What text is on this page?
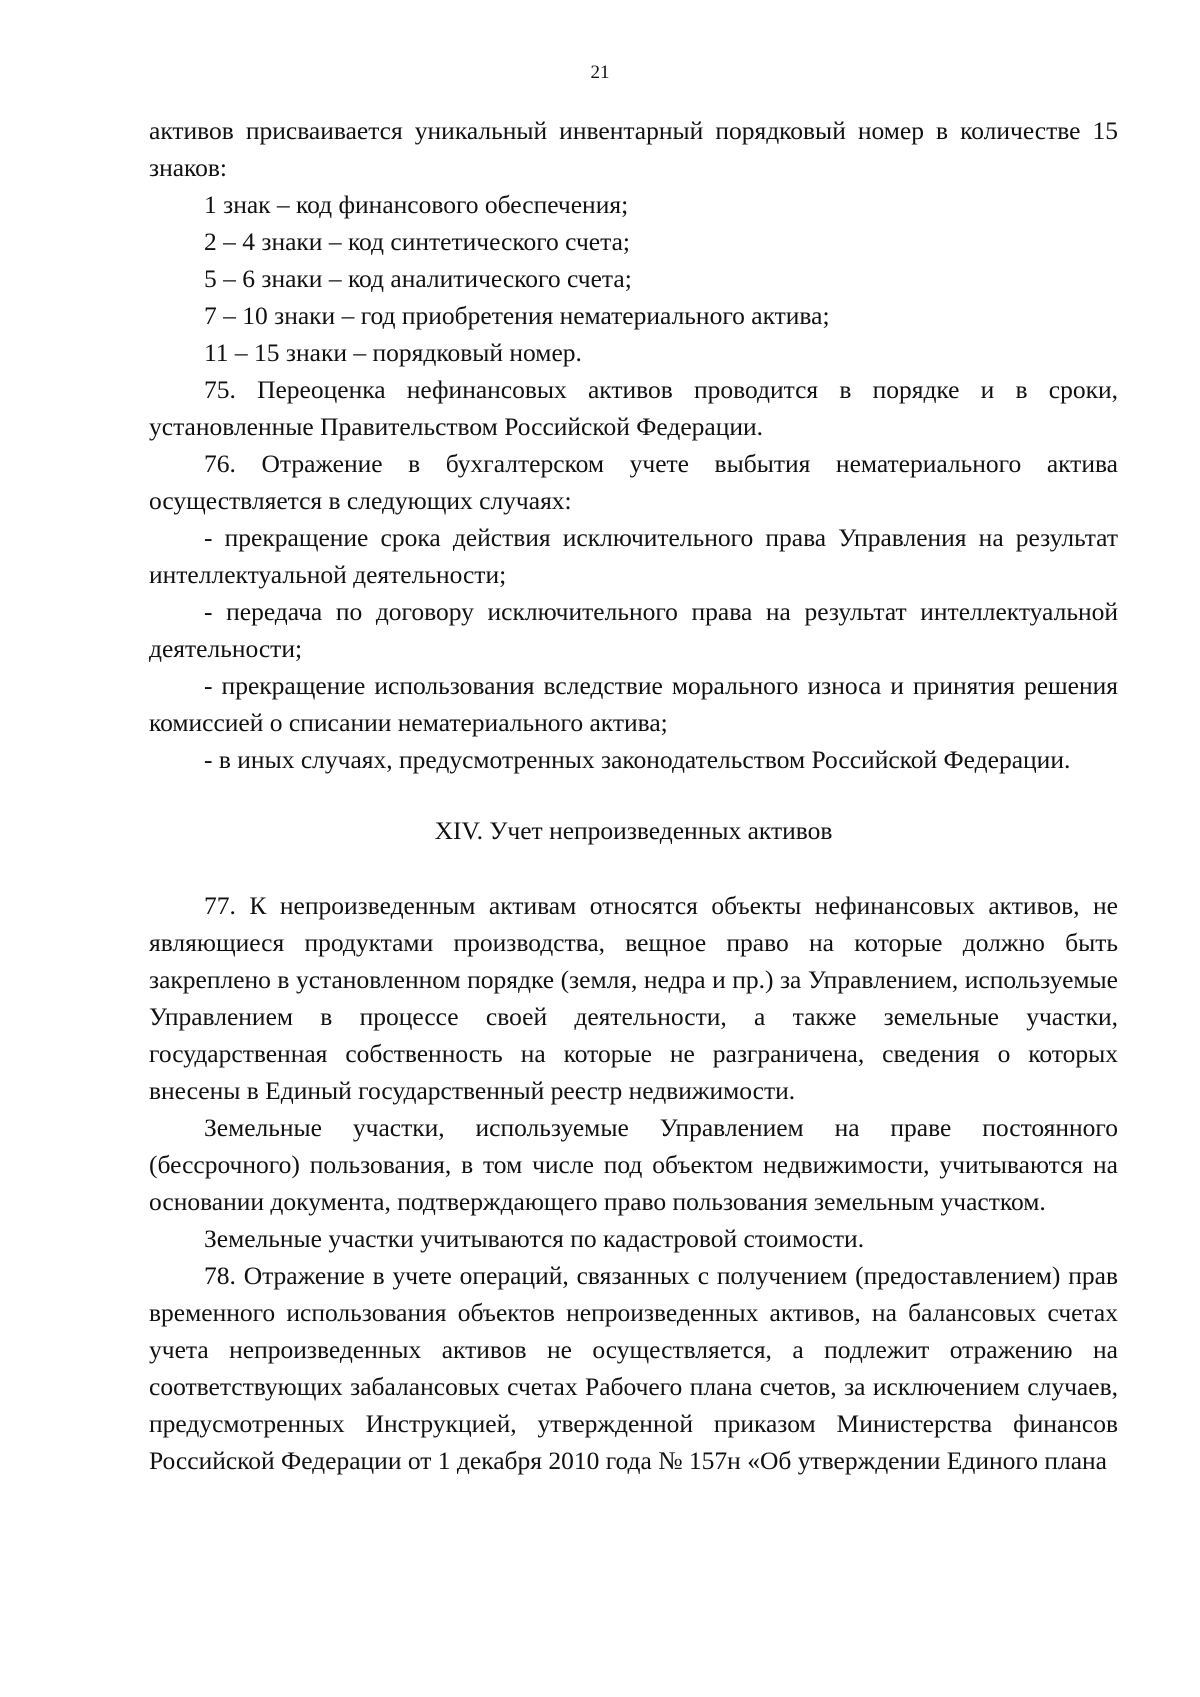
21

активов присваивается уникальный инвентарный порядковый номер в количестве 15 знаков:

1 знак – код финансового обеспечения;

2 – 4 знаки – код синтетического счета;

5 – 6 знаки – код аналитического счета;

7 – 10 знаки – год приобретения нематериального актива;

11 – 15 знаки – порядковый номер.

75. Переоценка нефинансовых активов проводится в порядке и в сроки, установленные Правительством Российской Федерации.

76. Отражение в бухгалтерском учете выбытия нематериального актива осуществляется в следующих случаях:

- прекращение срока действия исключительного права Управления на результат интеллектуальной деятельности;

- передача по договору исключительного права на результат интеллектуальной деятельности;

- прекращение использования вследствие морального износа и принятия решения комиссией о списании нематериального актива;

- в иных случаях, предусмотренных законодательством Российской Федерации.

XIV. Учет непроизведенных активов

77. К непроизведенным активам относятся объекты нефинансовых активов, не являющиеся продуктами производства, вещное право на которые должно быть закреплено в установленном порядке (земля, недра и пр.) за Управлением, используемые Управлением в процессе своей деятельности, а также земельные участки, государственная собственность на которые не разграничена, сведения о которых внесены в Единый государственный реестр недвижимости.

Земельные участки, используемые Управлением на праве постоянного (бессрочного) пользования, в том числе под объектом недвижимости, учитываются на основании документа, подтверждающего право пользования земельным участком.

Земельные участки учитываются по кадастровой стоимости.

78. Отражение в учете операций, связанных с получением (предоставлением) прав временного использования объектов непроизведенных активов, на балансовых счетах учета непроизведенных активов не осуществляется, а подлежит отражению на соответствующих забалансовых счетах Рабочего плана счетов, за исключением случаев, предусмотренных Инструкцией, утвержденной приказом Министерства финансов Российской Федерации от 1 декабря 2010 года № 157н «Об утверждении Единого плана
